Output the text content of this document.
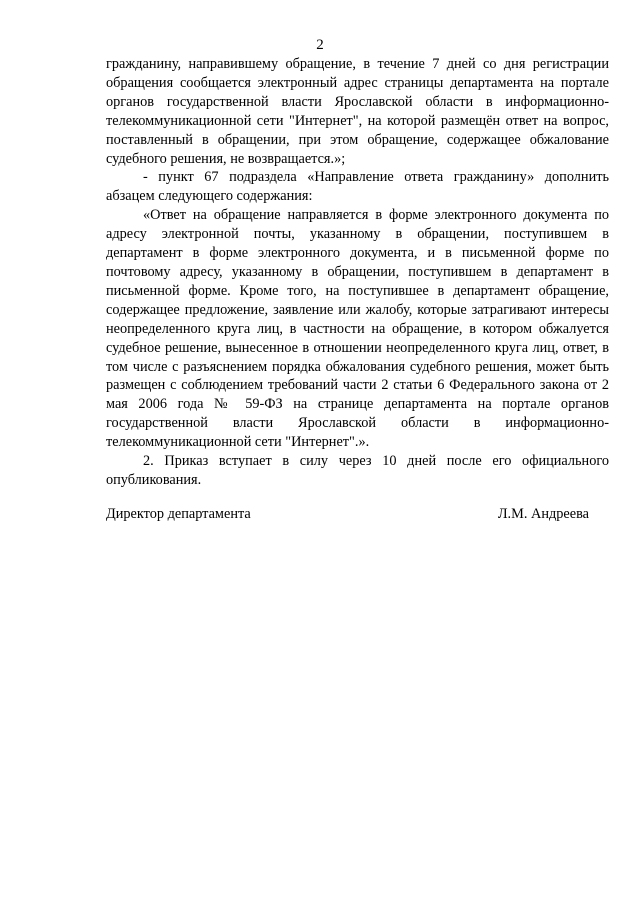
2

гражданину, направившему обращение, в течение 7 дней со дня регистрации обращения сообщается электронный адрес страницы департамента на портале органов государственной власти Ярославской области в информационно-телекоммуникационной сети "Интернет", на которой размещён ответ на вопрос, поставленный в обращении, при этом обращение, содержащее обжалование судебного решения, не возвращается.»;

- пункт 67 подраздела «Направление ответа гражданину» дополнить абзацем следующего содержания:

«Ответ на обращение направляется в форме электронного документа по адресу электронной почты, указанному в обращении, поступившем в департамент в форме электронного документа, и в письменной форме по почтовому адресу, указанному в обращении, поступившем в департамент в письменной форме. Кроме того, на поступившее в департамент обращение, содержащее предложение, заявление или жалобу, которые затрагивают интересы неопределенного круга лиц, в частности на обращение, в котором обжалуется судебное решение, вынесенное в отношении неопределенного круга лиц, ответ, в том числе с разъяснением порядка обжалования судебного решения, может быть размещен с соблюдением требований части 2 статьи 6 Федерального закона от 2 мая 2006 года № 59-ФЗ на странице департамента на портале органов государственной власти Ярославской области в информационно-телекоммуникационной сети "Интернет".».

2. Приказ вступает в силу через 10 дней после его официального опубликования.

Директор департамента	Л.М. Андреева
